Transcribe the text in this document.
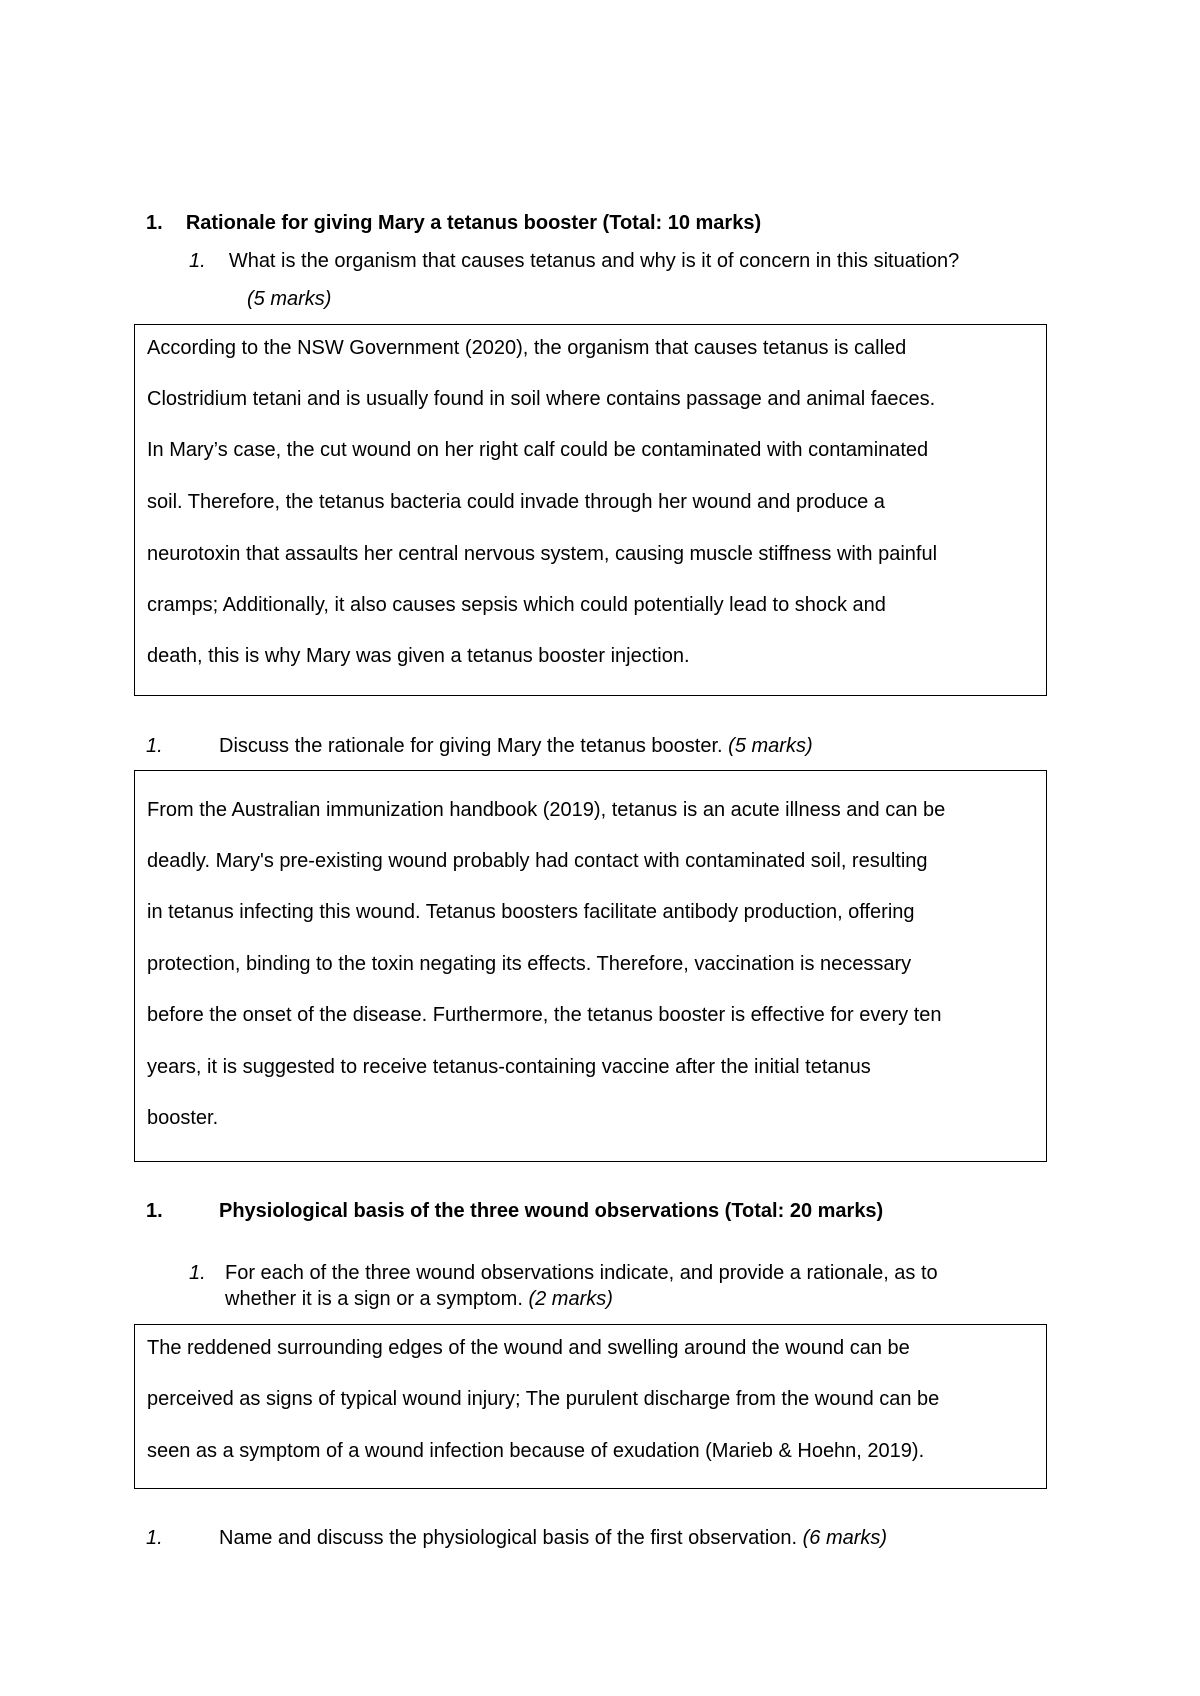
1. Rationale for giving Mary a tetanus booster (Total: 10 marks)
1. What is the organism that causes tetanus and why is it of concern in this situation?
(5 marks)
According to the NSW Government (2020), the organism that causes tetanus is called
Clostridium tetani and is usually found in soil where contains passage and animal faeces.
In Mary’s case, the cut wound on her right calf could be contaminated with contaminated
soil. Therefore, the tetanus bacteria could invade through her wound and produce a
neurotoxin that assaults her central nervous system, causing muscle stiffness with painful
cramps; Additionally, it also causes sepsis which could potentially lead to shock and
death, this is why Mary was given a tetanus booster injection.
1.	Discuss the rationale for giving Mary the tetanus booster. (5 marks)
From the Australian immunization handbook (2019), tetanus is an acute illness and can be
deadly. Mary's pre-existing wound probably had contact with contaminated soil, resulting
in tetanus infecting this wound. Tetanus boosters facilitate antibody production, offering
protection, binding to the toxin negating its effects. Therefore, vaccination is necessary
before the onset of the disease. Furthermore, the tetanus booster is effective for every ten
years, it is suggested to receive tetanus-containing vaccine after the initial tetanus
booster.
1.	Physiological basis of the three wound observations (Total: 20 marks)
1. For each of the three wound observations indicate, and provide a rationale, as to
whether it is a sign or a symptom. (2 marks)
The reddened surrounding edges of the wound and swelling around the wound can be
perceived as signs of typical wound injury; The purulent discharge from the wound can be
seen as a symptom of a wound infection because of exudation (Marieb & Hoehn, 2019).
1.	Name and discuss the physiological basis of the first observation. (6 marks)
